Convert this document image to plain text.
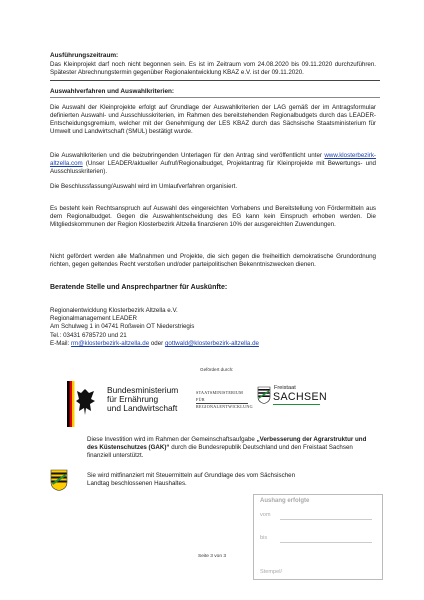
Ausführungszeitraum:
Das Kleinprojekt darf noch nicht begonnen sein. Es ist im Zeitraum vom 24.08.2020 bis 09.11.2020 durchzuführen. Spätester Abrechnungstermin gegenüber Regionalentwicklung KBAZ e.V. ist der 09.11.2020.
Auswahlverfahren und Auswahlkriterien:
Die Auswahl der Kleinprojekte erfolgt auf Grundlage der Auswahlkriterien der LAG gemäß der im Antragsformular definierten Auswahl- und Ausschlusskriterien, im Rahmen des bereitstehenden Regionalbudgets durch das LEADER-Entscheidungsgremium, welcher mit der Genehmigung der LES KBAZ durch das Sächsische Staatsministerium für Umwelt und Landwirtschaft (SMUL) bestätigt wurde.
Die Auswahlkriterien und die beizubringenden Unterlagen für den Antrag sind veröffentlicht unter www.klosterbezirk-altzella.com (Unser LEADER/aktueller Aufruf/Regionalbudget, Projektantrag für Kleinprojekte mit Bewertungs- und Ausschlusskriterien).
Die Beschlussfassung/Auswahl wird im Umlaufverfahren organisiert.
Es besteht kein Rechtsanspruch auf Auswahl des eingereichten Vorhabens und Bereitstellung von Fördermitteln aus dem Regionalbudget. Gegen die Auswahlentscheidung des EG kann kein Einspruch erhoben werden. Die Mitgliedskommunen der Region Klosterbezirk Altzella finanzieren 10% der ausgereichten Zuwendungen.
Nicht gefördert werden alle Maßnahmen und Projekte, die sich gegen die freiheitlich demokratische Grundordnung richten, gegen geltendes Recht verstoßen und/oder parteipolitischen Bekenntniszwecken dienen.
Beratende Stelle und Ansprechpartner für Auskünfte:
Regionalentwicklung Klosterbezirk Altzella e.V.
Regionalmanagement LEADER
Am Schulweg 1 in 04741 Roßwein OT Niederstriegis
Tel.: 03431 6785720 und 21
E-Mail: rm@klosterbezirk-altzella.de oder gottwald@klosterbezirk-altzella.de
Gefördert durch:
Bundesministerium
für Ernährung
und Landwirtschaft
STAATSMINISTERIUM FÜR
REGIONALENTWICKLUNG
Freistaat
SACHSEN
Diese Investition wird im Rahmen der Gemeinschaftsaufgabe „Verbesserung der Agrarstruktur und des Küstenschutzes (GAK)“ durch die Bundesrepublik Deutschland und den Freistaat Sachsen finanziell unterstützt.
Sie wird mitfinanziert mit Steuermitteln auf Grundlage des vom Sächsischen Landtag beschlossenen Haushaltes.
Aushang erfolgte
vom
bis
Stempel/
Seite 3 von 3
